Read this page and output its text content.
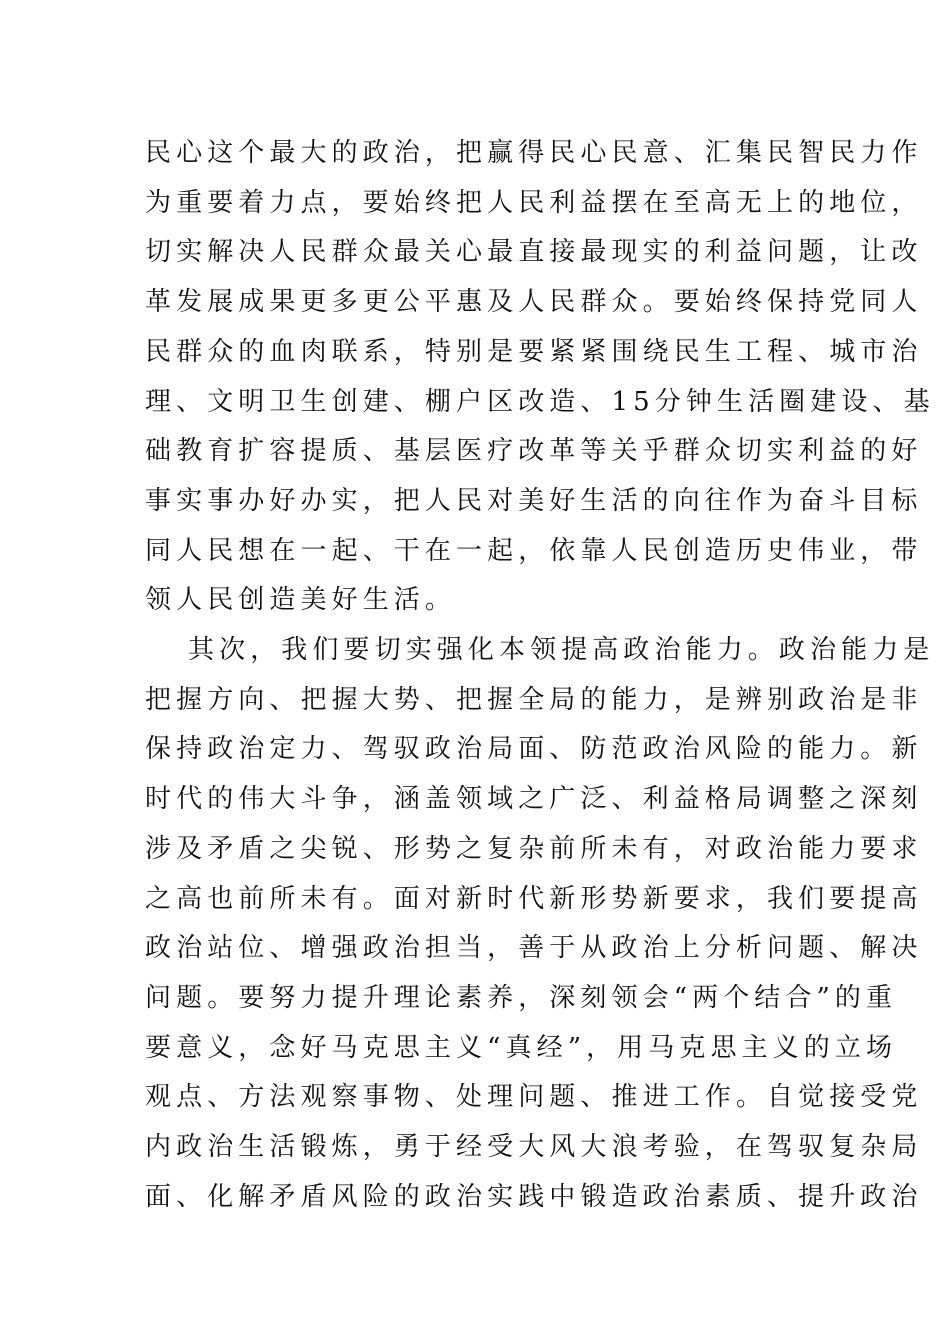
民心这个最大的政治，把赢得民心民意、汇集民智民力作
为重要着力点，要始终把人民利益摆在至高无上的地位，
切实解决人民群众最关心最直接最现实的利益问题，让改
革发展成果更多更公平惠及人民群众。要始终保持党同人
民群众的血肉联系，特别是要紧紧围绕民生工程、城市治
理、文明卫生创建、棚户区改造、15分钟生活圈建设、基
础教育扩容提质、基层医疗改革等关乎群众切实利益的好
事实事办好办实，把人民对美好生活的向往作为奋斗目标
同人民想在一起、干在一起，依靠人民创造历史伟业，带
领人民创造美好生活。

其次，我们要切实强化本领提高政治能力。政治能力是
把握方向、把握大势、把握全局的能力，是辨别政治是非
保持政治定力、驾驭政治局面、防范政治风险的能力。新
时代的伟大斗争，涵盖领域之广泛、利益格局调整之深刻
涉及矛盾之尖锐、形势之复杂前所未有，对政治能力要求
之高也前所未有。面对新时代新形势新要求，我们要提高
政治站位、增强政治担当，善于从政治上分析问题、解决
问题。要努力提升理论素养，深刻领会“两个结合”的重
要意义，念好马克思主义“真经”，用马克思主义的立场
观点、方法观察事物、处理问题、推进工作。自觉接受党
内政治生活锻炼，勇于经受大风大浪考验，在驾驭复杂局
面、化解矛盾风险的政治实践中锻造政治素质、提升政治
